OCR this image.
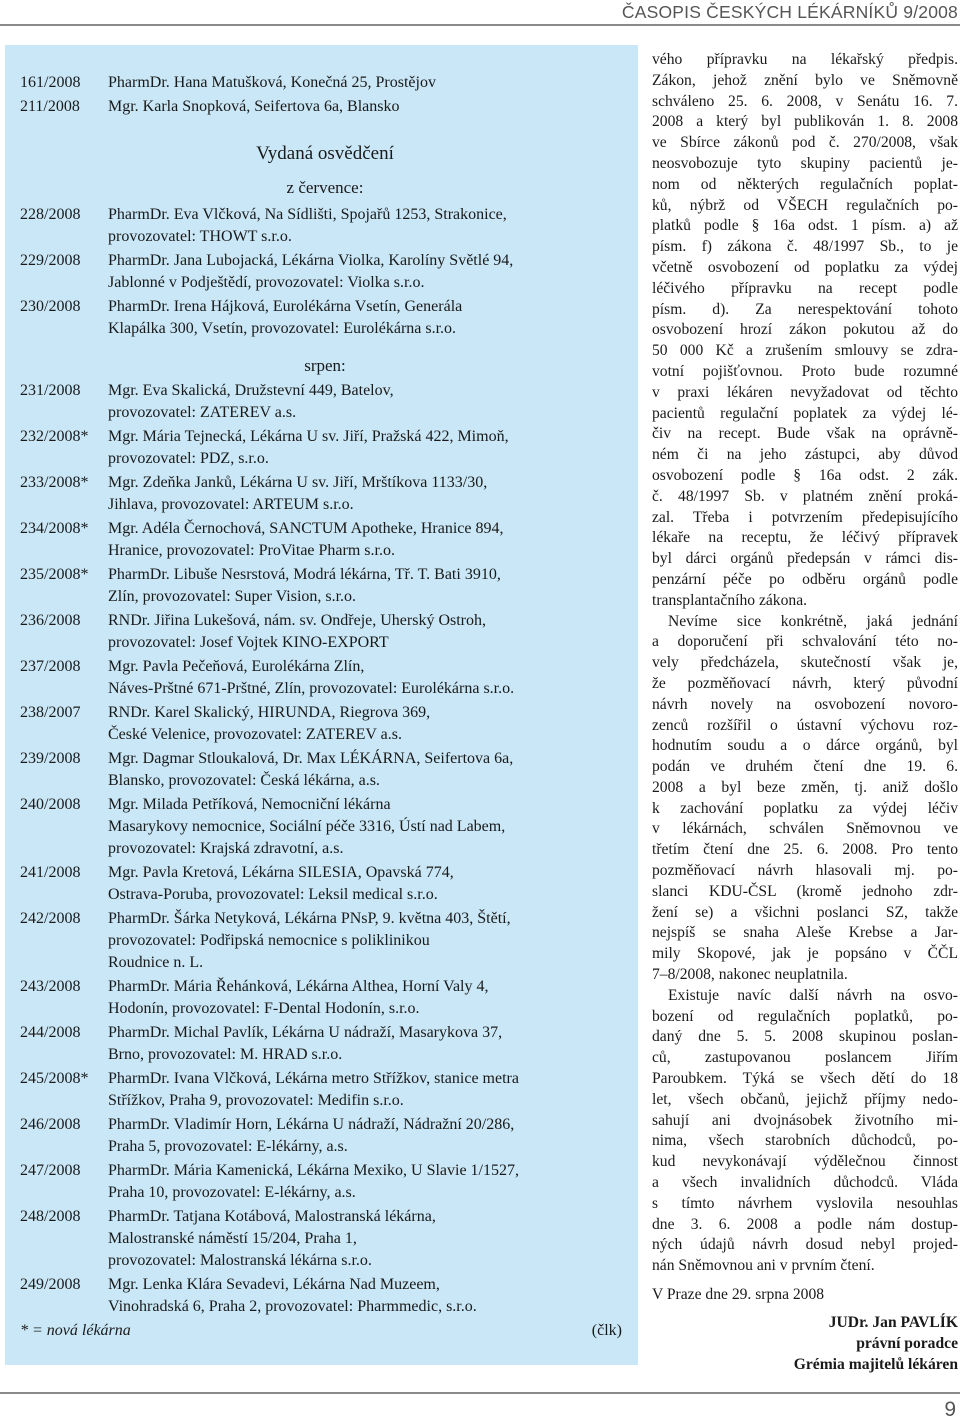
ČASOPIS ČESKÝCH LÉKÁRNÍKŮ 9/2008
161/2008	PharmDr. Hana Matušková, Konečná 25, Prostějov
211/2008	Mgr. Karla Snopková, Seifertova 6a, Blansko
Vydaná osvědčení
z července:
228/2008	PharmDr. Eva Vlčková, Na Sídlišti, Spojařů 1253, Strakonice,
provozovatel: THOWT s.r.o.
229/2008	PharmDr. Jana Lubojacká, Lékárna Violka, Karolíny Světlé 94,
Jablonné v Podještědí, provozovatel: Violka s.r.o.
230/2008	PharmDr. Irena Hájková, Eurolékárna Vsetín, Generála
Klapálka 300, Vsetín, provozovatel: Eurolékárna s.r.o.
srpen:
231/2008	Mgr. Eva Skalická, Družstevní 449, Batelov,
provozovatel: ZATEREV a.s.
232/2008*	Mgr. Mária Tejnecká, Lékárna U sv. Jiří, Pražská 422, Mimoň,
provozovatel: PDZ, s.r.o.
233/2008*	Mgr. Zdeňka Janků, Lékárna U sv. Jiří, Mrštíkova 1133/30,
Jihlava, provozovatel: ARTEUM s.r.o.
234/2008*	Mgr. Adéla Černochová, SANCTUM Apotheke, Hranice 894,
Hranice, provozovatel: ProVitae Pharm s.r.o.
235/2008*	PharmDr. Libuše Nesrstová, Modrá lékárna, Tř. T. Bati 3910,
Zlín, provozovatel: Super Vision, s.r.o.
236/2008	RNDr. Jiřina Lukešová, nám. sv. Ondřeje, Uherský Ostroh,
provozovatel: Josef Vojtek KINO-EXPORT
237/2008	Mgr. Pavla Pečeňová, Eurolékárna Zlín,
Náves-Prštné 671-Prštné, Zlín, provozovatel: Eurolékárna s.r.o.
238/2007	RNDr. Karel Skalický, HIRUNDA, Riegrova 369,
České Velenice, provozovatel: ZATEREV a.s.
239/2008	Mgr. Dagmar Stloukalová, Dr. Max LÉKÁRNA, Seifertova 6a,
Blansko, provozovatel: Česká lékárna, a.s.
240/2008	Mgr. Milada Petříková, Nemocniční lékárna
Masarykovy nemocnice, Sociální péče 3316, Ústí nad Labem,
provozovatel: Krajská zdravotní, a.s.
241/2008	Mgr. Pavla Kretová, Lékárna SILESIA, Opavská 774,
Ostrava-Poruba, provozovatel: Leksil medical s.r.o.
242/2008	PharmDr. Šárka Netyková, Lékárna PNsP, 9. května 403, Štětí,
provozovatel: Podřipská nemocnice s poliklinikou
Roudnice n. L.
243/2008	PharmDr. Mária Řehánková, Lékárna Althea, Horní Valy 4,
Hodonín, provozovatel: F-Dental Hodonín, s.r.o.
244/2008	PharmDr. Michal Pavlík, Lékárna U nádraží, Masarykova 37,
Brno, provozovatel: M. HRAD s.r.o.
245/2008*	PharmDr. Ivana Vlčková, Lékárna metro Střížkov, stanice metra
Střížkov, Praha 9, provozovatel: Medifin s.r.o.
246/2008	PharmDr. Vladimír Horn, Lékárna U nádraží, Nádražní 20/286,
Praha 5, provozovatel: E-lékárny, a.s.
247/2008	PharmDr. Mária Kamenická, Lékárna Mexiko, U Slavie 1/1527,
Praha 10, provozovatel: E-lékárny, a.s.
248/2008	PharmDr. Tatjana Kotábová, Malostranská lékárna,
Malostranské náměstí 15/204, Praha 1,
provozovatel: Malostranská lékárna s.r.o.
249/2008	Mgr. Lenka Klára Sevadevi, Lékárna Nad Muzeem,
Vinohradská 6, Praha 2, provozovatel: Pharmmedic, s.r.o.
* = nová lékárna	(člk)
vého přípravku na lékařský předpis.
Zákon, jehož znění bylo ve Sněmovně
schváleno 25. 6. 2008, v Senátu 16. 7.
2008 a který byl publikován 1. 8. 2008
ve Sbírce zákonů pod č. 270/2008, však
neosvobozuje tyto skupiny pacientů je-
nom od některých regulačních poplat-
ků, nýbrž od VŠECH regulačních po-
platků podle § 16a odst. 1 písm. a) až
písm. f) zákona č. 48/1997 Sb., to je
včetně osvobození od poplatku za výdej
léčivého přípravku na recept podle
písm. d). Za nerespektování tohoto
osvobození hrozí zákon pokutou až do
50 000 Kč a zrušením smlouvy se zdra-
votní pojišťovnou. Proto bude rozumné
v praxi lékáren nevyžadovat od těchto
pacientů regulační poplatek za výdej lé-
čiv na recept. Bude však na oprávně-
ném či na jeho zástupci, aby důvod
osvobození podle § 16a odst. 2 zák.
č. 48/1997 Sb. v platném znění proká-
zal. Třeba i potvrzením předepisujícího
lékaře na receptu, že léčivý přípravek
byl dárci orgánů předepsán v rámci dis-
penzární péče po odběru orgánů podle
transplantačního zákona.
Nevíme sice konkrétně, jaká jednání
a doporučení při schvalování této no-
vely předcházela, skutečností však je,
že pozměňovací návrh, který původní
návrh novely na osvobození novoro-
zenců rozšířil o ústavní výchovu roz-
hodnutím soudu a o dárce orgánů, byl
podán ve druhém čtení dne 19. 6.
2008 a byl beze změn, tj. aniž došlo
k zachování poplatku za výdej léčiv
v lékárnách, schválen Sněmovnou ve
třetím čtení dne 25. 6. 2008. Pro tento
pozměňovací návrh hlasovali mj. po-
slanci KDU-ČSL (kromě jednoho zdr-
žení se) a všichni poslanci SZ, takže
nejspíš se snaha Aleše Krebse a Jar-
mily Skopové, jak je popsáno v ČČL
7–8/2008, nakonec neuplatnila.
Existuje navíc další návrh na osvo-
bození od regulačních poplatků, po-
daný dne 5. 5. 2008 skupinou poslan-
ců, zastupovanou poslancem Jiřím
Paroubkem. Týká se všech dětí do 18
let, všech občanů, jejichž příjmy nedo-
sahují ani dvojnásobek životního mi-
nima, všech starobních důchodců, po-
kud nevykonávají výdělečnou činnost
a všech invalidních důchodců. Vláda
s tímto návrhem vyslovila nesouhlas
dne 3. 6. 2008 a podle nám dostup-
ných údajů návrh dosud nebyl projed-
nán Sněmovnou ani v prvním čtení.
V Praze dne 29. srpna 2008
JUDr. Jan PAVLÍK
právní poradce
Grémia majitelů lékáren
9
